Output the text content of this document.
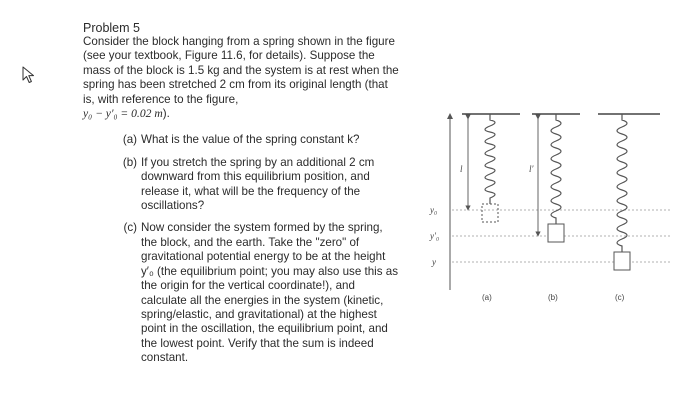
Problem 5

Consider the block hanging from a spring shown in the figure (see your textbook, Figure 11.6, for details). Suppose the mass of the block is 1.5 kg and the system is at rest when the spring has been stretched 2 cm from its original length (that is, with reference to the figure,
y₀ − y′₀ = 0.02 m).

(a) What is the value of the spring constant k?
(b) If you stretch the spring by an additional 2 cm downward from this equilibrium position, and release it, what will be the frequency of the oscillations?
(c) Now consider the system formed by the spring, the block, and the earth. Take the "zero" of gravitational potential energy to be at the height y′₀ (the equilibrium point; you may also use this as the origin for the vertical coordinate!), and calculate all the energies in the system (kinetic, spring/elastic, and gravitational) at the highest point in the oscillation, the equilibrium point, and the lowest point. Verify that the sum is indeed constant.
y₀
y′₀
y
l	l′
(a)	(b)	(c)
